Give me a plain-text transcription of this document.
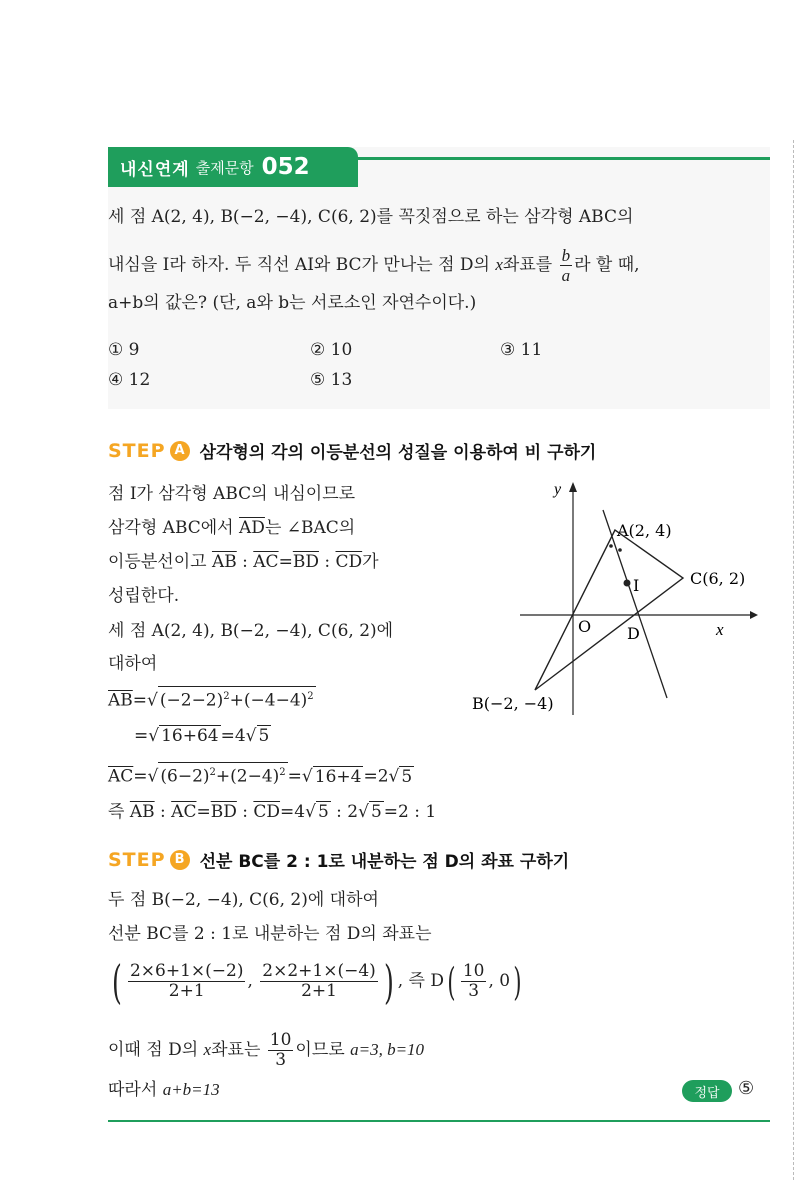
내신연계 출제문항 052
세 점 A(2, 4), B(−2, −4), C(6, 2)를 꼭짓점으로 하는 삼각형 ABC의
내심을 I라 하자. 두 직선 AI와 BC가 만나는 점 D의 x좌표를 $\frac{b}{a}$ 라 할 때,
a+b의 값은? (단, a와 b는 서로소인 자연수이다.)
① 9	② 10	③ 11
④ 12	⑤ 13
STEP A 삼각형의 각의 이등분선의 성질을 이용하여 비 구하기
점 I가 삼각형 ABC의 내심이므로
삼각형 ABC에서 $\overline{AD}$는 ∠BAC의
이등분선이고 $\overline{AB}$ : $\overline{AC}=\overline{BD}$ : $\overline{CD}$가
성립한다.
세 점 A(2, 4), B(−2, −4), C(6, 2)에
대하여
$\overline{AB}=√$ $(-2-2)^2+(-4-4)^2$
=√ 16+64 =4√ 5
$\overline{AC}=√$ $(6-2)^2+(2-4)^2$ =√ 16+4 =2√ 5
즉 $\overline{AB}$ : $\overline{AC}=\overline{BD}$ : $\overline{CD}=4√$ 5 : 2√ 5 =2 : 1
y
x
O
A(2, 4)
B(−2, −4)
C(6, 2)
D
I
STEP B 선분 BC를 2 : 1로 내분하는 점 D의 좌표 구하기
두 점 B(−2, −4), C(6, 2)에 대하여
선분 BC를 2 : 1로 내분하는 점 D의 좌표는
( $\frac{2\times 6+1\times(-2)}{2+1}$ , $\frac{2\times 2+1\times(-4)}{2+1}$ ) , 즉 $D( \frac{10}{3}$ , 0)
이때 점 D의 x좌표는 $\frac{10}{3}$ 이므로 a=3, b=10
따라서 a+b=13	정답	⑤
